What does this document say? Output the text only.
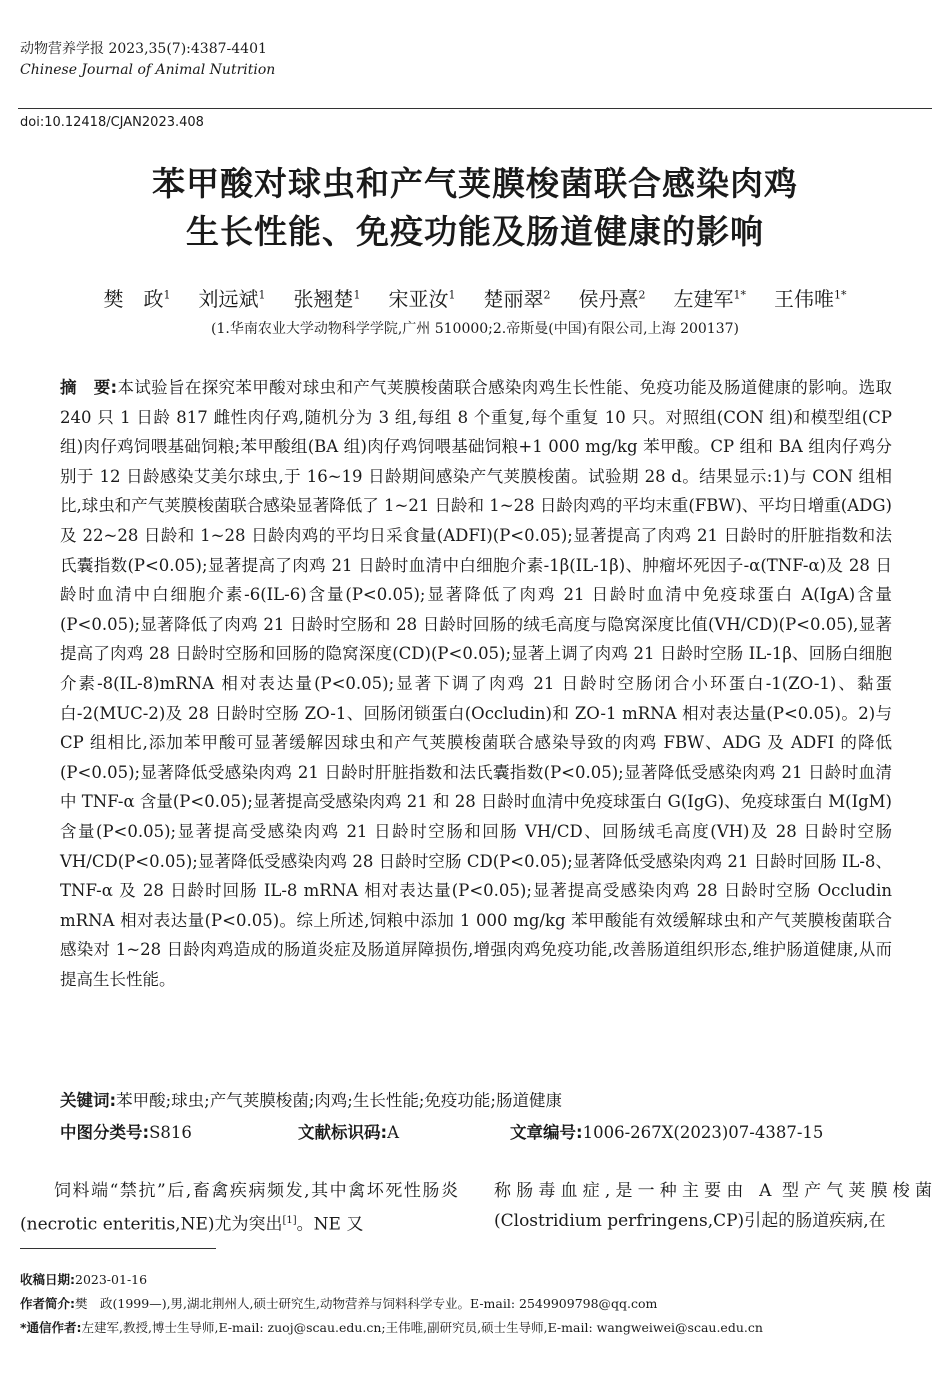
动物营养学报 2023,35(7):4387-4401
Chinese Journal of Animal Nutrition
doi:10.12418/CJAN2023.408
苯甲酸对球虫和产气荚膜梭菌联合感染肉鸡
生长性能、免疫功能及肠道健康的影响
樊　政$^1$ 刘远斌$^1$ 张翘楚$^1$ 宋亚汝$^1$ 楚丽翠$^2$ 侯丹熹$^2$ 左建军$^{1*}$ 王伟唯$^{1*}$
(1.华南农业大学动物科学学院,广州 510000;2.帝斯曼(中国)有限公司,上海 200137)
摘　要:本试验旨在探究苯甲酸对球虫和产气荚膜梭菌联合感染肉鸡生长性能、免疫功能及肠道健康的影响。选取 240 只 1 日龄 817 雌性肉仔鸡,随机分为 3 组,每组 8 个重复,每个重复 10 只。对照组(CON 组)和模型组(CP 组)肉仔鸡饲喂基础饲粮;苯甲酸组(BA 组)肉仔鸡饲喂基础饲粮+1 000 mg/kg 苯甲酸。CP 组和 BA 组肉仔鸡分别于 12 日龄感染艾美尔球虫,于 16~19 日龄期间感染产气荚膜梭菌。试验期 28 d。结果显示:1)与 CON 组相比,球虫和产气荚膜梭菌联合感染显著降低了 1~21 日龄和 1~28 日龄肉鸡的平均末重(FBW)、平均日增重(ADG)及 22~28 日龄和 1~28 日龄肉鸡的平均日采食量(ADFI)(P<0.05);显著提高了肉鸡 21 日龄时的肝脏指数和法氏囊指数(P<0.05);显著提高了肉鸡 21 日龄时血清中白细胞介素-1β(IL-1β)、肿瘤坏死因子-α(TNF-α)及 28 日龄时血清中白细胞介素-6(IL-6)含量(P<0.05);显著降低了肉鸡 21 日龄时血清中免疫球蛋白 A(IgA)含量(P<0.05);显著降低了肉鸡 21 日龄时空肠和 28 日龄时回肠的绒毛高度与隐窝深度比值(VH/CD)(P<0.05),显著提高了肉鸡 28 日龄时空肠和回肠的隐窝深度(CD)(P<0.05);显著上调了肉鸡 21 日龄时空肠 IL-1β、回肠白细胞介素-8(IL-8)mRNA 相对表达量(P<0.05);显著下调了肉鸡 21 日龄时空肠闭合小环蛋白-1(ZO-1)、黏蛋白-2(MUC-2)及 28 日龄时空肠 ZO-1、回肠闭锁蛋白(Occludin)和 ZO-1 mRNA 相对表达量(P<0.05)。2)与 CP 组相比,添加苯甲酸可显著缓解因球虫和产气荚膜梭菌联合感染导致的肉鸡 FBW、ADG 及 ADFI 的降低(P<0.05);显著降低受感染肉鸡 21 日龄时肝脏指数和法氏囊指数(P<0.05);显著降低受感染肉鸡 21 日龄时血清中 TNF-α 含量(P<0.05);显著提高受感染肉鸡 21 和 28 日龄时血清中免疫球蛋白 G(IgG)、免疫球蛋白 M(IgM)含量(P<0.05);显著提高受感染肉鸡 21 日龄时空肠和回肠 VH/CD、回肠绒毛高度(VH)及 28 日龄时空肠 VH/CD(P<0.05);显著降低受感染肉鸡 28 日龄时空肠 CD(P<0.05);显著降低受感染肉鸡 21 日龄时回肠 IL-8、TNF-α 及 28 日龄时回肠 IL-8 mRNA 相对表达量(P<0.05);显著提高受感染肉鸡 28 日龄时空肠 Occludin mRNA 相对表达量(P<0.05)。综上所述,饲粮中添加 1 000 mg/kg 苯甲酸能有效缓解球虫和产气荚膜梭菌联合感染对 1~28 日龄肉鸡造成的肠道炎症及肠道屏障损伤,增强肉鸡免疫功能,改善肠道组织形态,维护肠道健康,从而提高生长性能。
关键词:苯甲酸;球虫;产气荚膜梭菌;肉鸡;生长性能;免疫功能;肠道健康
中图分类号:S816	文献标识码:A	文章编号:1006-267X(2023)07-4387-15
饲料端“禁抗”后,畜禽疾病频发,其中禽坏死性肠炎(necrotic enteritis,NE)尤为突出[1]。NE 又
称肠毒血症,是一种主要由 A 型产气荚膜梭菌(Clostridium perfringens,CP)引起的肠道疾病,在
收稿日期:2023-01-16
作者简介:樊　政(1999—),男,湖北荆州人,硕士研究生,动物营养与饲料科学专业。E-mail: 2549909798@qq.com
*通信作者:左建军,教授,博士生导师,E-mail: zuoj@scau.edu.cn;王伟唯,副研究员,硕士生导师,E-mail: wangweiwei@scau.edu.cn
